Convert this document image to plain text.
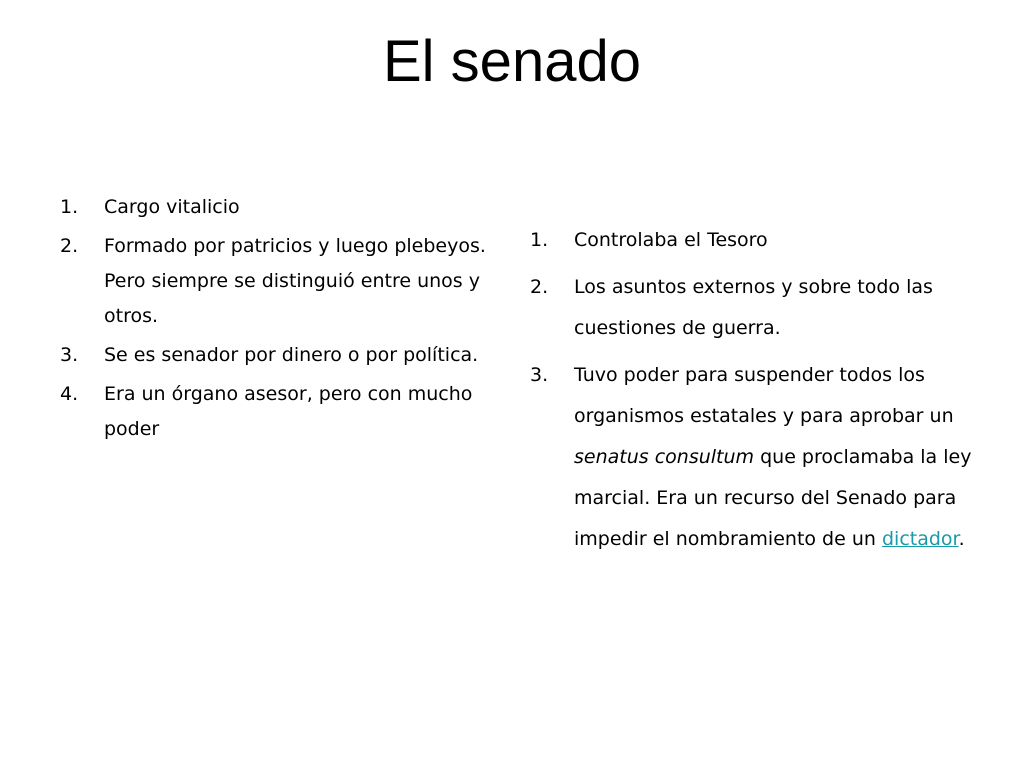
El senado
1. Cargo vitalicio
2. Formado por patricios y luego plebeyos. Pero siempre se distinguió entre unos y otros.
3. Se es senador por dinero o por política.
4. Era un órgano asesor, pero con mucho poder
1. Controlaba el Tesoro
2. Los asuntos externos y sobre todo las cuestiones de guerra.
3. Tuvo poder para suspender todos los organismos estatales y para aprobar un senatus consultum que proclamaba la ley marcial. Era un recurso del Senado para impedir el nombramiento de un dictador.
